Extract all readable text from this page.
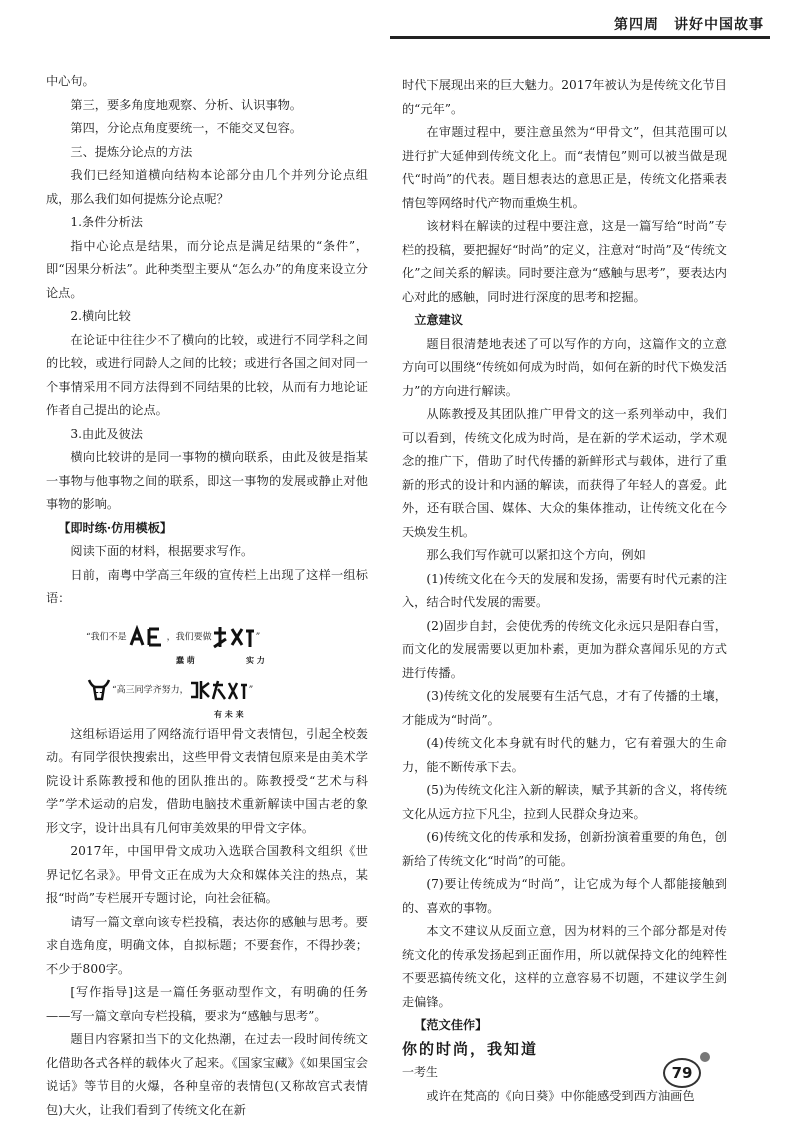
第四周　讲好中国故事

中心句。

第三，要多角度地观察、分析、认识事物。

第四，分论点角度要统一，不能交叉包容。

三、提炼分论点的方法

我们已经知道横向结构本论部分由几个并列分论点组成，那么我们如何提炼分论点呢？

1.条件分析法

指中心论点是结果，而分论点是满足结果的“条件”，即“因果分析法”。此种类型主要从“怎么办”的角度来设立分论点。

2.横向比较

在论证中往往少不了横向的比较，或进行不同学科之间的比较，或进行同龄人之间的比较；或进行各国之间对同一个事情采用不同方法得到不同结果的比较，从而有力地论证作者自己提出的论点。

3.由此及彼法

横向比较讲的是同一事物的横向联系，由此及彼是指某一事物与他事物之间的联系，即这一事物的发展或静止对他事物的影响。

【即时练·仿用模板】

阅读下面的材料，根据要求写作。

日前，南粤中学高三年级的宣传栏上出现了这样一组标语：

“我们不是	，我们要做	”
蠢 萌	实 力
“高三同学齐努力，	”
有 未 来

这组标语运用了网络流行语甲骨文表情包，引起全校轰动。有同学很快搜索出，这些甲骨文表情包原来是由美术学院设计系陈教授和他的团队推出的。陈教授受“艺术与科学”学术运动的启发，借助电脑技术重新解读中国古老的象形文字，设计出具有几何审美效果的甲骨文字体。

2017年，中国甲骨文成功入选联合国教科文组织《世界记忆名录》。甲骨文正在成为大众和媒体关注的热点，某报“时尚”专栏展开专题讨论，向社会征稿。

请写一篇文章向该专栏投稿，表达你的感触与思考。要求自选角度，明确文体，自拟标题；不要套作，不得抄袭；不少于800字。

[写作指导]这是一篇任务驱动型作文，有明确的任务——写一篇文章向专栏投稿，要求为“感触与思考”。

题目内容紧扣当下的文化热潮，在过去一段时间传统文化借助各式各样的载体火了起来。《国家宝藏》《如果国宝会说话》等节目的火爆，各种皇帝的表情包(又称故宫式表情包)大火，让我们看到了传统文化在新

时代下展现出来的巨大魅力。2017年被认为是传统文化节目的“元年”。

在审题过程中，要注意虽然为“甲骨文”，但其范围可以进行扩大延伸到传统文化上。而“表情包”则可以被当做是现代“时尚”的代表。题目想表达的意思正是，传统文化搭乘表情包等网络时代产物而重焕生机。

该材料在解读的过程中要注意，这是一篇写给“时尚”专栏的投稿，要把握好“时尚”的定义，注意对“时尚”及“传统文化”之间关系的解读。同时要注意为“感触与思考”，要表达内心对此的感触，同时进行深度的思考和挖掘。

立意建议

题目很清楚地表述了可以写作的方向，这篇作文的立意方向可以围绕“传统如何成为时尚，如何在新的时代下焕发活力”的方向进行解读。

从陈教授及其团队推广甲骨文的这一系列举动中，我们可以看到，传统文化成为时尚，是在新的学术运动，学术观念的推广下，借助了时代传播的新鲜形式与载体，进行了重新的形式的设计和内涵的解读，而获得了年轻人的喜爱。此外，还有联合国、媒体、大众的集体推动，让传统文化在今天焕发生机。

那么我们写作就可以紧扣这个方向，例如

(1)传统文化在今天的发展和发扬，需要有时代元素的注入，结合时代发展的需要。

(2)固步自封，会使优秀的传统文化永远只是阳春白雪，而文化的发展需要以更加朴素，更加为群众喜闻乐见的方式进行传播。

(3)传统文化的发展要有生活气息，才有了传播的土壤，才能成为“时尚”。

(4)传统文化本身就有时代的魅力，它有着强大的生命力，能不断传承下去。

(5)为传统文化注入新的解读，赋予其新的含义，将传统文化从远方拉下凡尘，拉到人民群众身边来。

(6)传统文化的传承和发扬，创新扮演着重要的角色，创新给了传统文化“时尚”的可能。

(7)要让传统成为“时尚”，让它成为每个人都能接触到的、喜欢的事物。

本文不建议从反面立意，因为材料的三个部分都是对传统文化的传承发扬起到正面作用，所以就保持文化的纯粹性不要恶搞传统文化，这样的立意容易不切题，不建议学生剑走偏锋。

【范文佳作】

你的时尚，我知道

一考生

或许在梵高的《向日葵》中你能感受到西方油画色

79
